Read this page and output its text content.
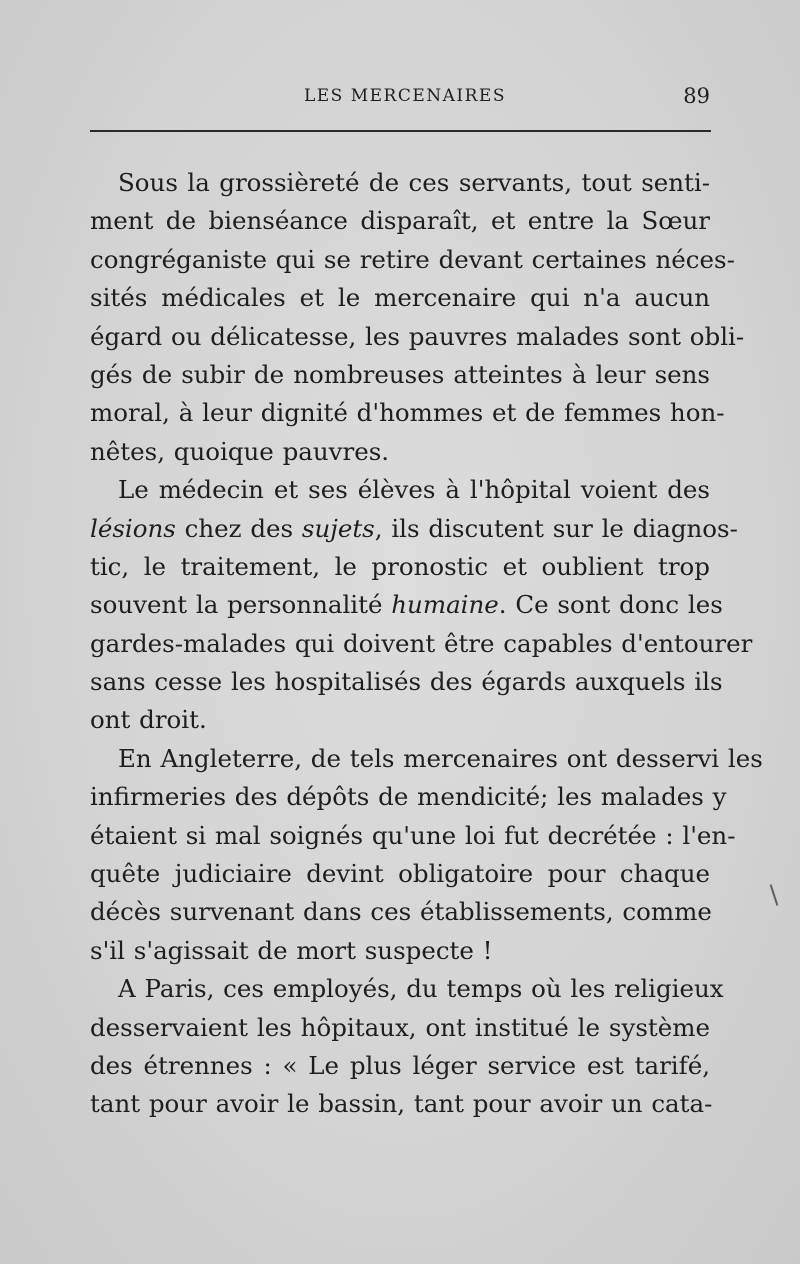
LES MERCENAIRES	89
Sous la grossièreté de ces servants, tout senti-
ment de bienséance disparaît, et entre la Sœur
congréganiste qui se retire devant certaines néces-
sités médicales et le mercenaire qui n'a aucun
égard ou délicatesse, les pauvres malades sont obli-
gés de subir de nombreuses atteintes à leur sens
moral, à leur dignité d'hommes et de femmes hon-
nêtes, quoique pauvres.
Le médecin et ses élèves à l'hôpital voient des
lésions chez des sujets, ils discutent sur le diagnos-
tic, le traitement, le pronostic et oublient trop
souvent la personnalité humaine. Ce sont donc les
gardes-malades qui doivent être capables d'entourer
sans cesse les hospitalisés des égards auxquels ils
ont droit.
En Angleterre, de tels mercenaires ont desservi les
infirmeries des dépôts de mendicité; les malades y
étaient si mal soignés qu'une loi fut decrétée : l'en-
quête judiciaire devint obligatoire pour chaque
décès survenant dans ces établissements, comme
s'il s'agissait de mort suspecte !
A Paris, ces employés, du temps où les religieux
desservaient les hôpitaux, ont institué le système
des étrennes : « Le plus léger service est tarifé,
tant pour avoir le bassin, tant pour avoir un cata-
